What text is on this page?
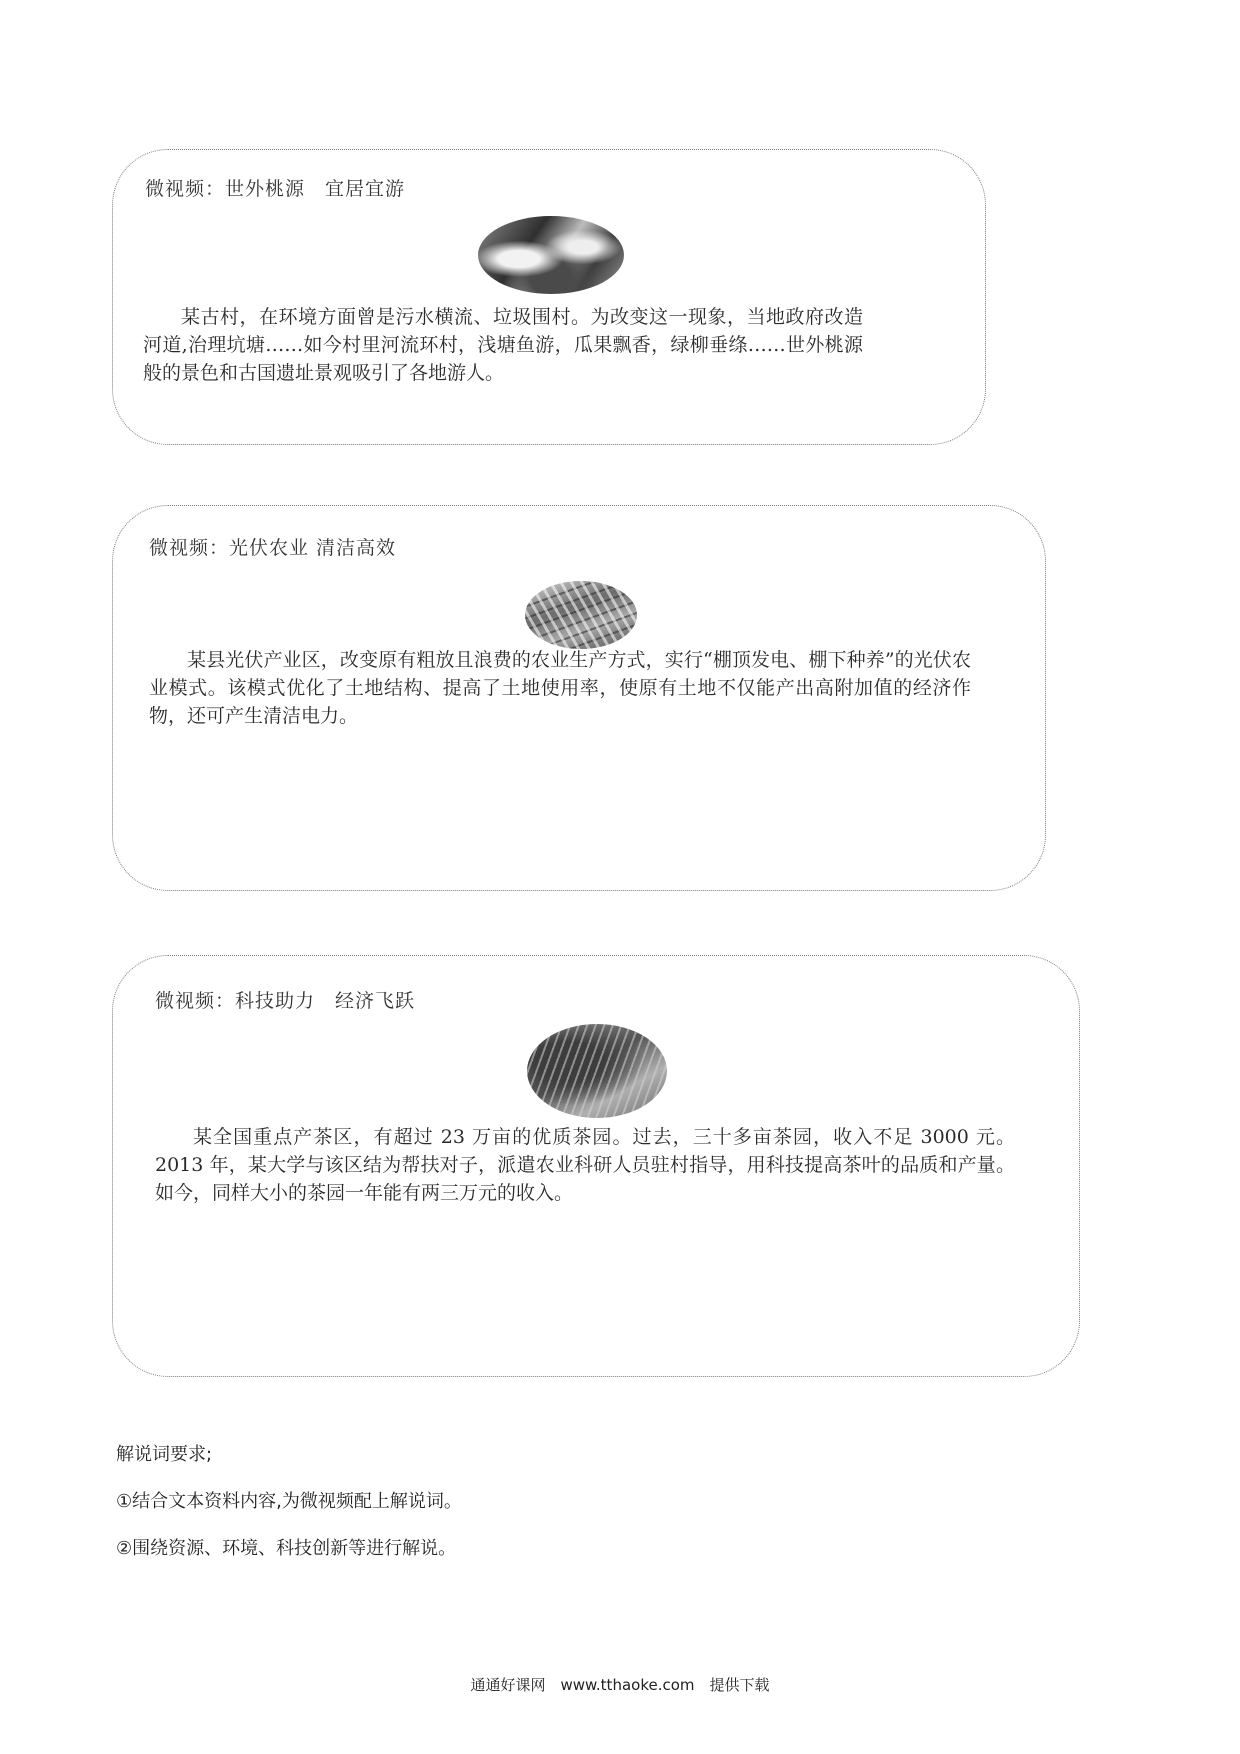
微视频：世外桃源　宜居宜游

某古村，在环境方面曾是污水横流、垃圾围村。为改变这一现象，当地政府改造河道,治理坑塘……如今村里河流环村，浅塘鱼游，瓜果飘香，绿柳垂绦……世外桃源般的景色和古国遗址景观吸引了各地游人。

微视频：光伏农业 清洁高效

某县光伏产业区，改变原有粗放且浪费的农业生产方式，实行“棚顶发电、棚下种养”的光伏农业模式。该模式优化了土地结构、提高了土地使用率，使原有土地不仅能产出高附加值的经济作物，还可产生清洁电力。

微视频：科技助力　经济飞跃

某全国重点产茶区，有超过 23 万亩的优质茶园。过去，三十多亩茶园，收入不足 3000 元。2013 年，某大学与该区结为帮扶对子，派遣农业科研人员驻村指导，用科技提高茶叶的品质和产量。如今，同样大小的茶园一年能有两三万元的收入。

解说词要求;
①结合文本资料内容,为微视频配上解说词。
②围绕资源、环境、科技创新等进行解说。
通通好课网　www.tthaoke.com　提供下载
